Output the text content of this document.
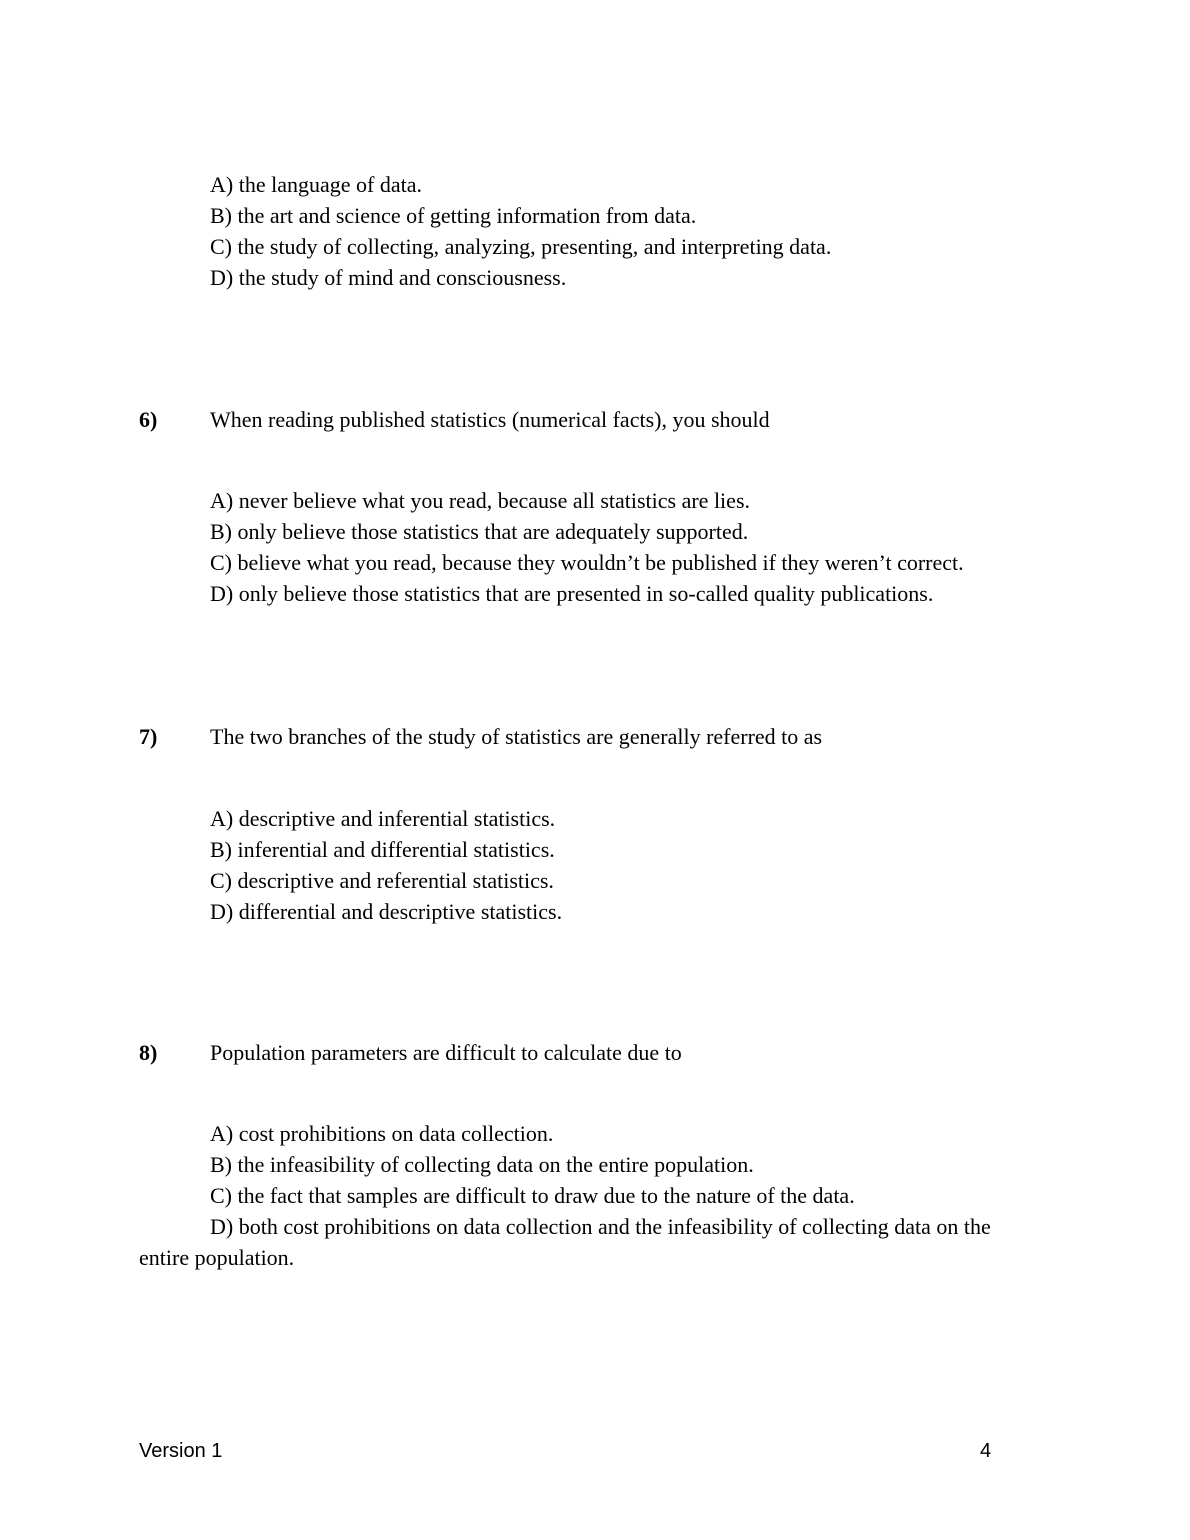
A) the language of data.
B) the art and science of getting information from data.
C) the study of collecting, analyzing, presenting, and interpreting data.
D) the study of mind and consciousness.
6) When reading published statistics (numerical facts), you should
A) never believe what you read, because all statistics are lies.
B) only believe those statistics that are adequately supported.
C) believe what you read, because they wouldn’t be published if they weren’t correct.
D) only believe those statistics that are presented in so-called quality publications.
7) The two branches of the study of statistics are generally referred to as
A) descriptive and inferential statistics.
B) inferential and differential statistics.
C) descriptive and referential statistics.
D) differential and descriptive statistics.
8) Population parameters are difficult to calculate due to
A) cost prohibitions on data collection.
B) the infeasibility of collecting data on the entire population.
C) the fact that samples are difficult to draw due to the nature of the data.
D) both cost prohibitions on data collection and the infeasibility of collecting data on the entire population.
Version 1	4
